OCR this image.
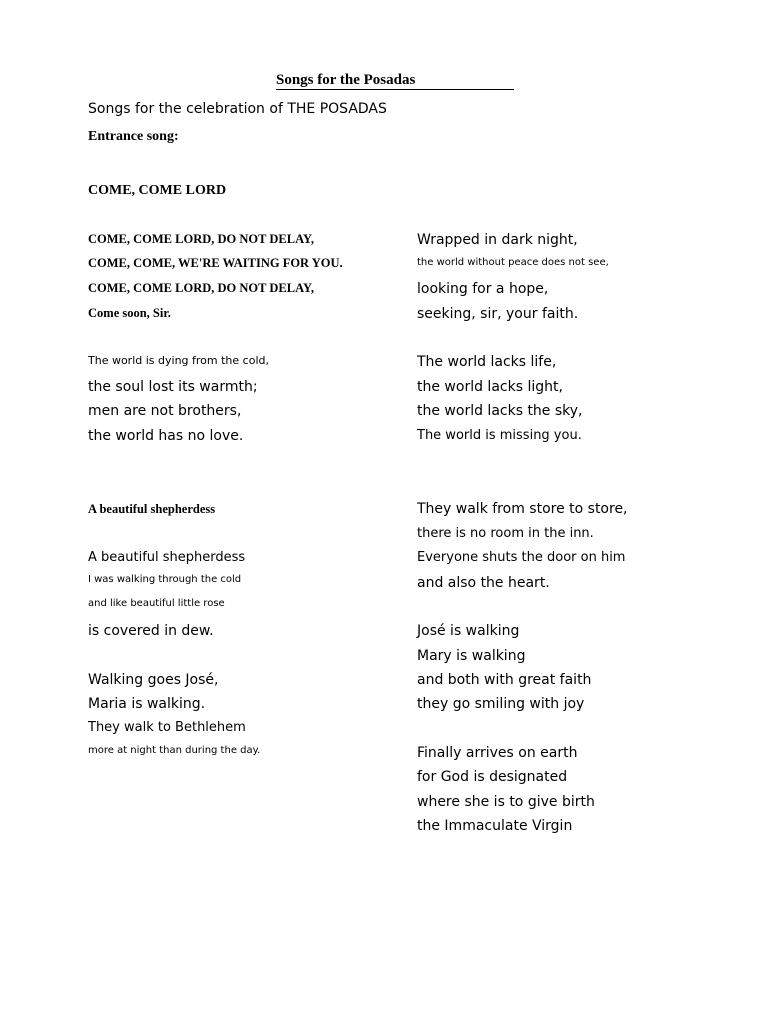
Songs for the Posadas
Songs for the celebration of THE POSADAS
Entrance song:
COME, COME LORD
COME, COME LORD, DO NOT DELAY,
COME, COME, WE'RE WAITING FOR YOU.
COME, COME LORD, DO NOT DELAY,
Come soon, Sir.
The world is dying from the cold,
the soul lost its warmth;
men are not brothers,
the world has no love.
Wrapped in dark night,
the world without peace does not see,
looking for a hope,
seeking, sir, your faith.
The world lacks life,
the world lacks light,
the world lacks the sky,
The world is missing you.
A beautiful shepherdess
A beautiful shepherdess
I was walking through the cold
and like beautiful little rose
is covered in dew.
Walking goes José,
Maria is walking.
They walk to Bethlehem
more at night than during the day.
They walk from store to store,
there is no room in the inn.
Everyone shuts the door on him
and also the heart.
José is walking
Mary is walking
and both with great faith
they go smiling with joy
Finally arrives on earth
for God is designated
where she is to give birth
the Immaculate Virgin
